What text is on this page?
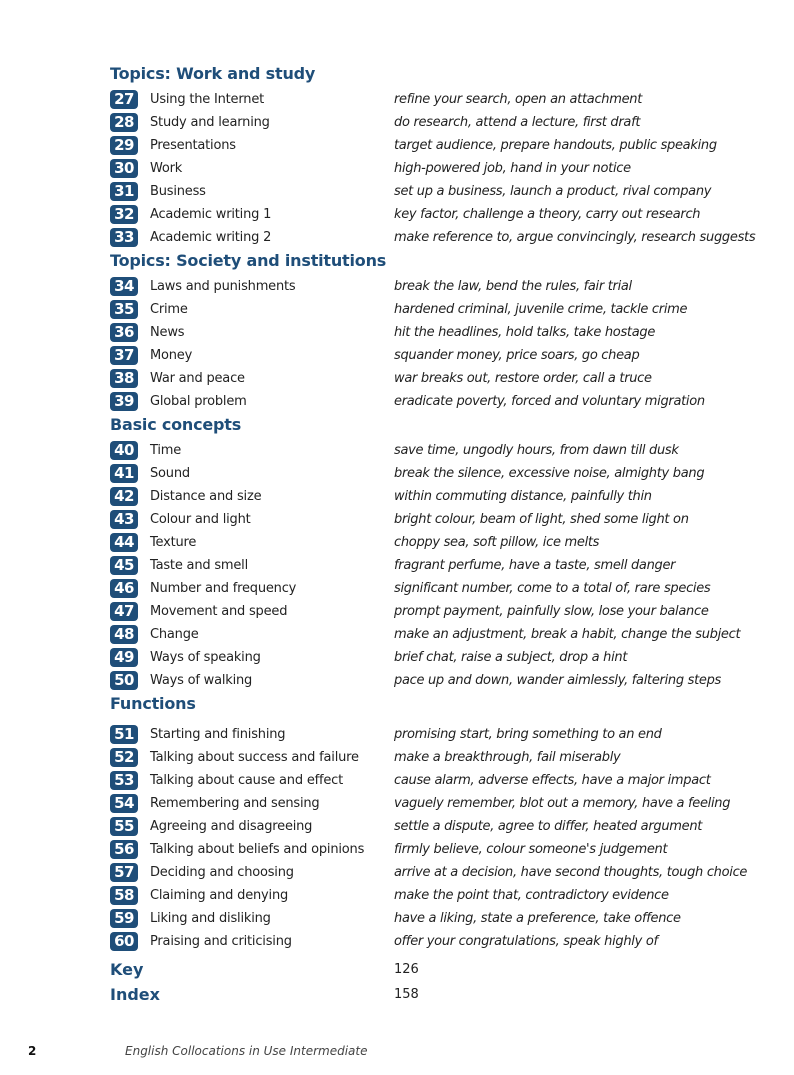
Topics: Work and study
27	Using the Internet	refine your search, open an attachment
28	Study and learning	do research, attend a lecture, first draft
29	Presentations	target audience, prepare handouts, public speaking
30	Work	high-powered job, hand in your notice
31	Business	set up a business, launch a product, rival company
32	Academic writing 1	key factor, challenge a theory, carry out research
33	Academic writing 2	make reference to, argue convincingly, research suggests
Topics: Society and institutions
34	Laws and punishments	break the law, bend the rules, fair trial
35	Crime	hardened criminal, juvenile crime, tackle crime
36	News	hit the headlines, hold talks, take hostage
37	Money	squander money, price soars, go cheap
38	War and peace	war breaks out, restore order, call a truce
39	Global problem	eradicate poverty, forced and voluntary migration
Basic concepts
40	Time	save time, ungodly hours, from dawn till dusk
41	Sound	break the silence, excessive noise, almighty bang
42	Distance and size	within commuting distance, painfully thin
43	Colour and light	bright colour, beam of light, shed some light on
44	Texture	choppy sea, soft pillow, ice melts
45	Taste and smell	fragrant perfume, have a taste, smell danger
46	Number and frequency	significant number, come to a total of, rare species
47	Movement and speed	prompt payment, painfully slow, lose your balance
48	Change	make an adjustment, break a habit, change the subject
49	Ways of speaking	brief chat, raise a subject, drop a hint
50	Ways of walking	pace up and down, wander aimlessly, faltering steps
Functions
51	Starting and finishing	promising start, bring something to an end
52	Talking about success and failure	make a breakthrough, fail miserably
53	Talking about cause and effect	cause alarm, adverse effects, have a major impact
54	Remembering and sensing	vaguely remember, blot out a memory, have a feeling
55	Agreeing and disagreeing	settle a dispute, agree to differ, heated argument
56	Talking about beliefs and opinions	firmly believe, colour someone's judgement
57	Deciding and choosing	arrive at a decision, have second thoughts, tough choice
58	Claiming and denying	make the point that, contradictory evidence
59	Liking and disliking	have a liking, state a preference, take offence
60	Praising and criticising	offer your congratulations, speak highly of
Key	126
Index	158
2	English Collocations in Use Intermediate
